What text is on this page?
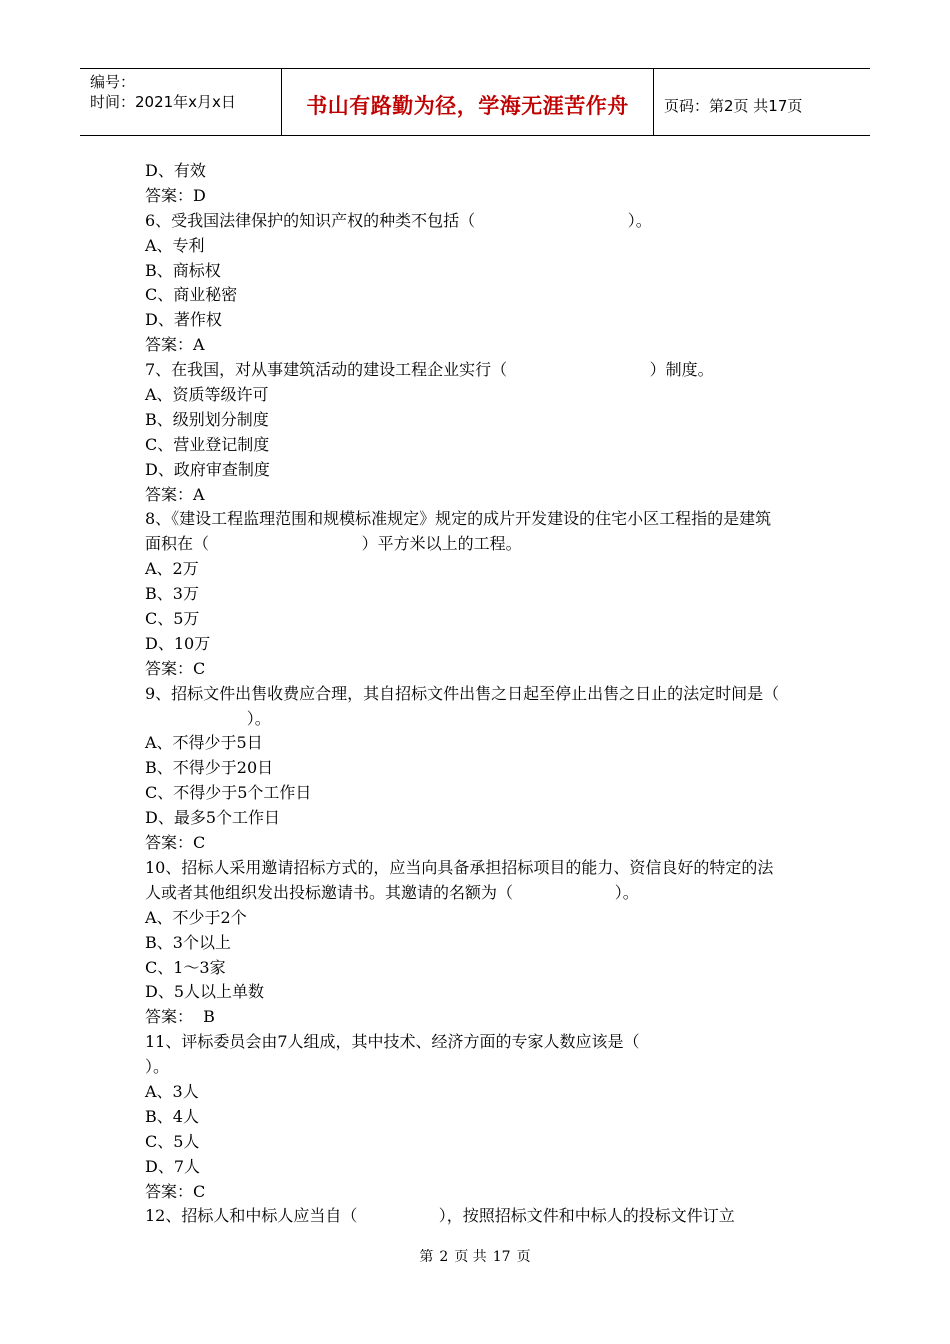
编号：
时间：2021年x月x日	书山有路勤为径，学海无涯苦作舟	页码：第2页 共17页
D、有效
答案：D
6、受我国法律保护的知识产权的种类不包括（                              ）。
A、专利
B、商标权
C、商业秘密
D、著作权
答案：A
7、在我国，对从事建筑活动的建设工程企业实行（                            ）制度。
A、资质等级许可
B、级别划分制度
C、营业登记制度
D、政府审查制度
答案：A
8、《建设工程监理范围和规模标准规定》规定的成片开发建设的住宅小区工程指的是建筑
面积在（                              ）平方米以上的工程。
A、2万
B、3万
C、5万
D、10万
答案：C
9、招标文件出售收费应合理，其自招标文件出售之日起至停止出售之日止的法定时间是（
）。
A、不得少于5日
B、不得少于20日
C、不得少于5个工作日
D、最多5个工作日
答案：C
10、招标人采用邀请招标方式的，应当向具备承担招标项目的能力、资信良好的特定的法
人或者其他组织发出投标邀请书。其邀请的名额为（                    ）。
A、不少于2个
B、3个以上
C、1～3家
D、5人以上单数
答案：  B
11、评标委员会由7人组成，其中技术、经济方面的专家人数应该是（
）。
A、3人
B、4人
C、5人
D、7人
答案：C
12、招标人和中标人应当自（                ），按照招标文件和中标人的投标文件订立
第 2 页 共 17 页
